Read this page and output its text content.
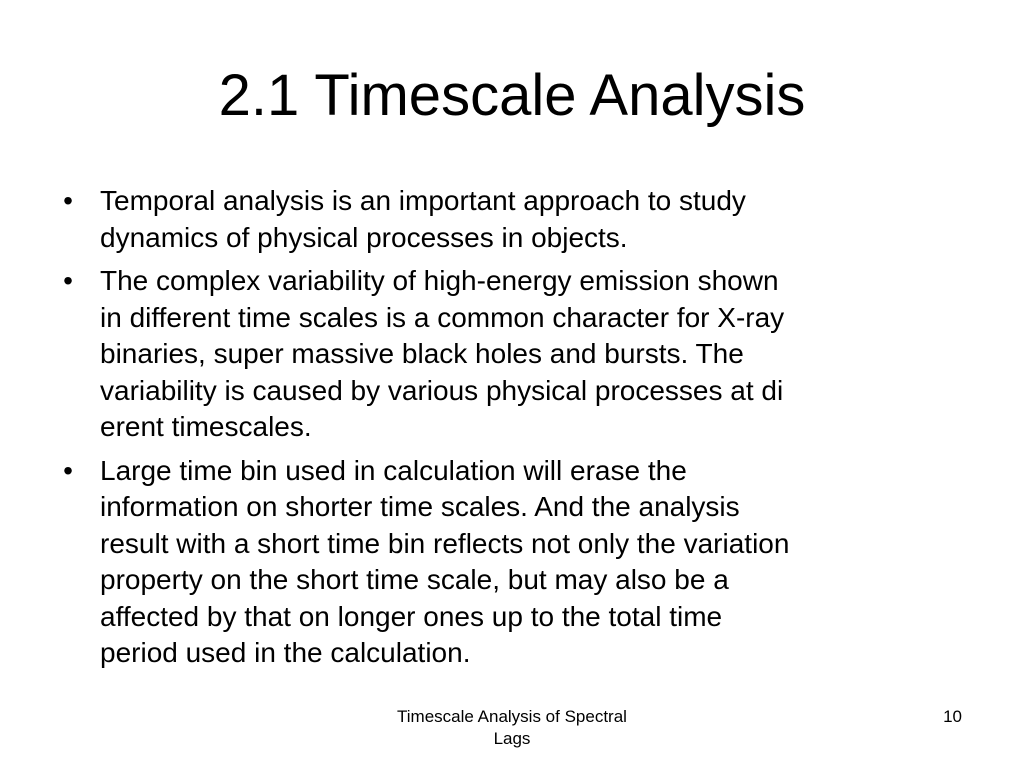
2.1 Timescale Analysis
• Temporal analysis is an important approach to study
dynamics of physical processes in objects.
• The complex variability of high-energy emission shown
in different time scales is a common character for X-ray
binaries, super massive black holes and bursts. The
variability is caused by various physical processes at di
erent timescales.
• Large time bin used in calculation will erase the
information on shorter time scales. And the analysis
result with a short time bin reflects not only the variation
property on the short time scale, but may also be a
affected by that on longer ones up to the total time
period used in the calculation.
Timescale Analysis of Spectral
Lags
10
